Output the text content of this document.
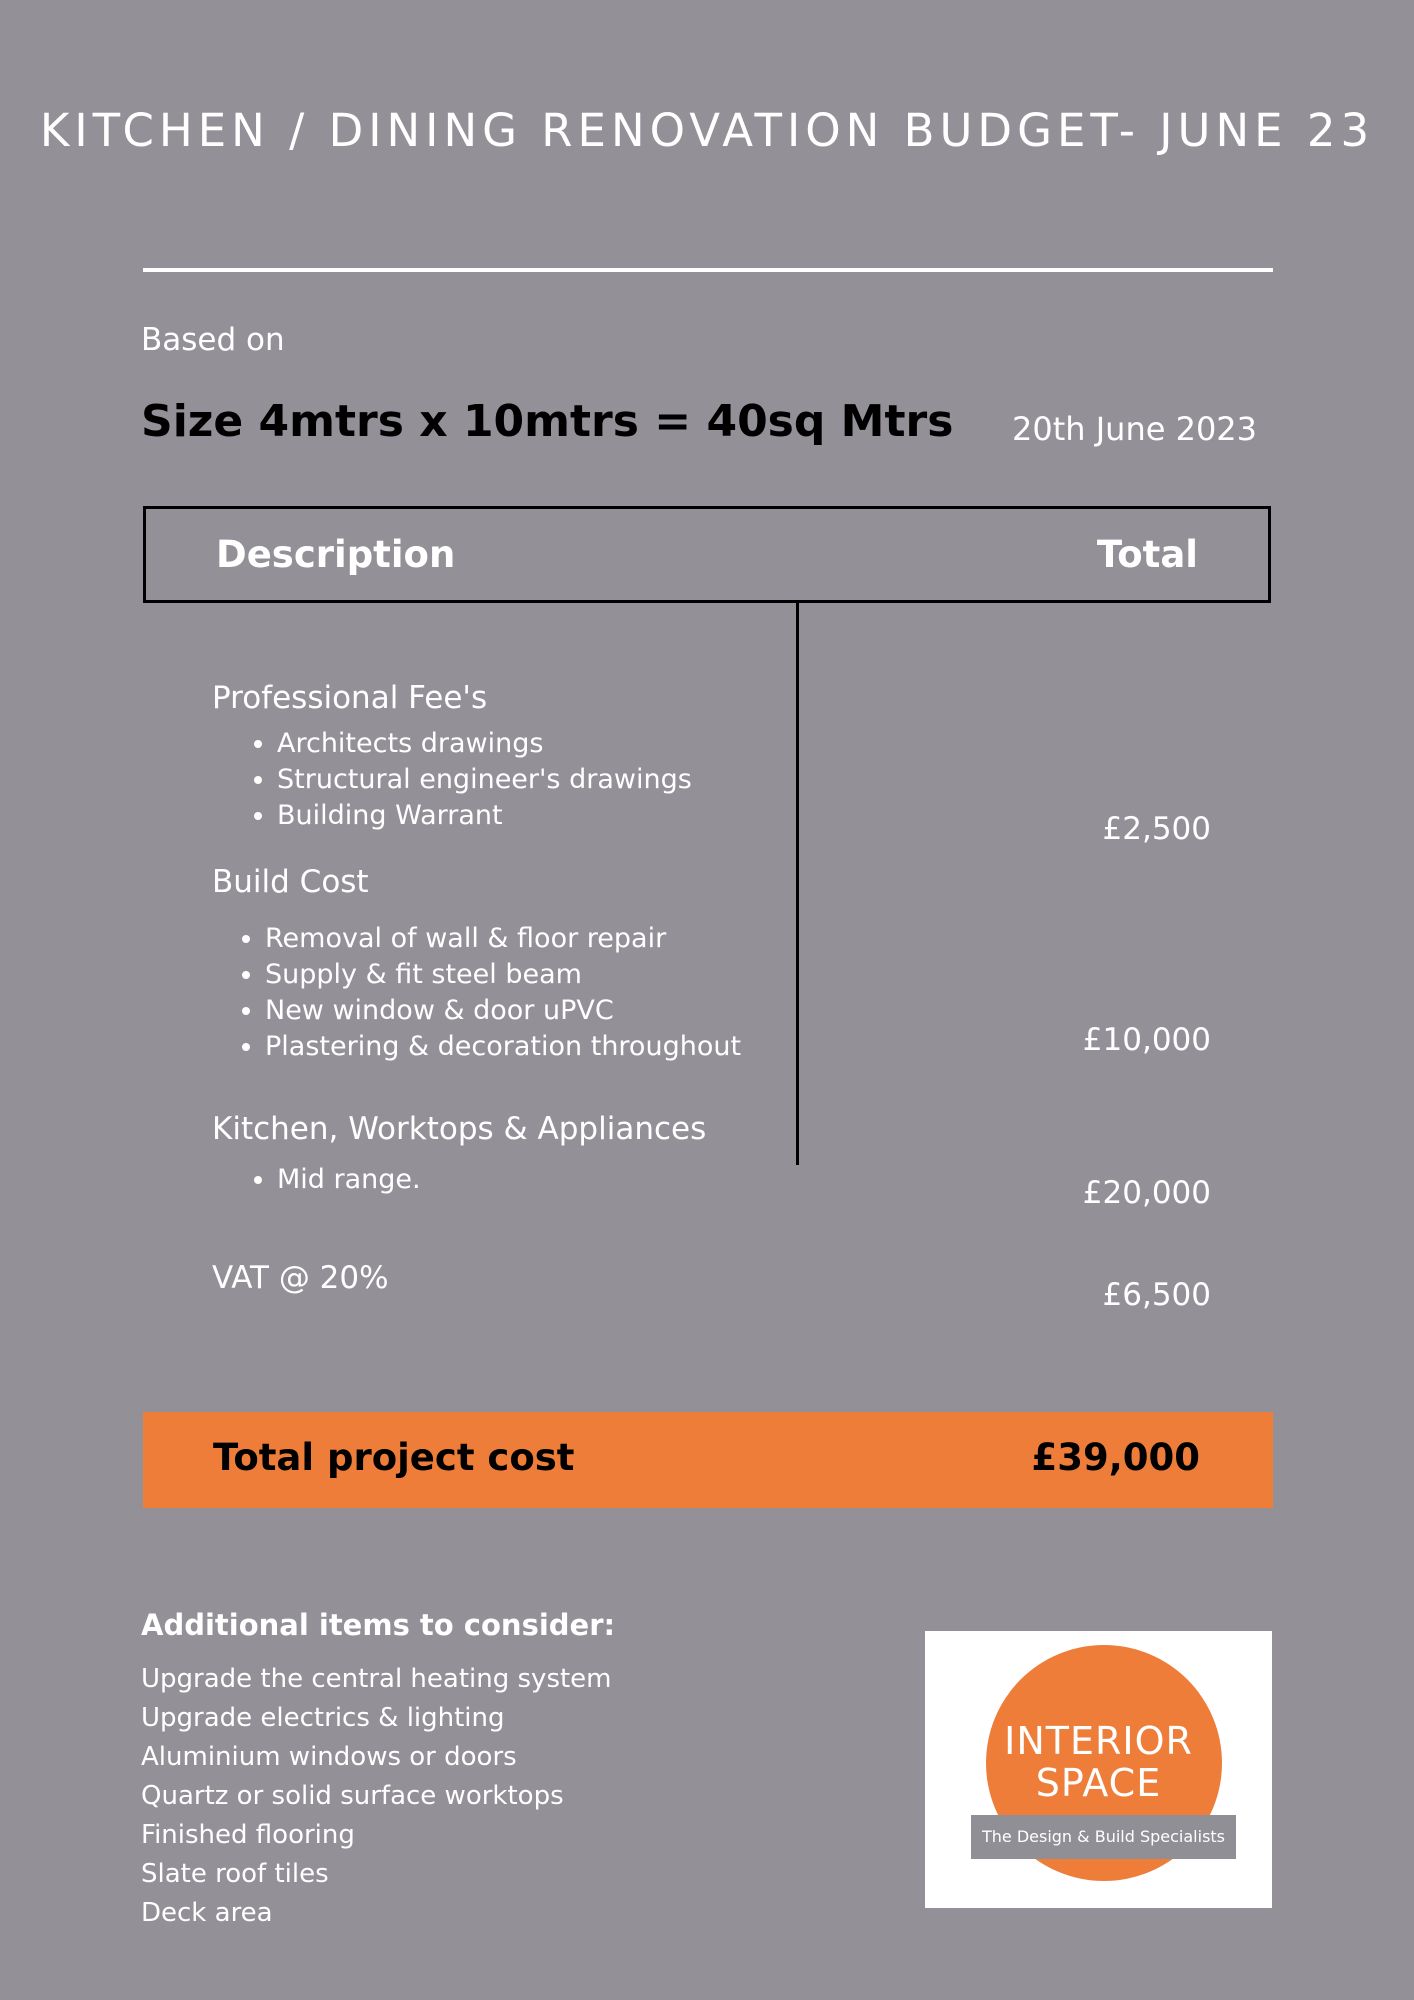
KITCHEN / DINING RENOVATION BUDGET- JUNE 23
Based on
Size 4mtrs x 10mtrs = 40sq Mtrs 20th June 2023
Description	Total
Professional Fee's
• Architects drawings
• Structural engineer's drawings
• Building Warrant	£2,500
Build Cost
• Removal of wall & floor repair
• Supply & fit steel beam
• New window & door uPVC
• Plastering & decoration throughout	£10,000
Kitchen, Worktops & Appliances
• Mid range.	£20,000
VAT @ 20%	£6,500
Total project cost	£39,000
Additional items to consider:
Upgrade the central heating system
Upgrade electrics & lighting
Aluminium windows or doors
Quartz or solid surface worktops
Finished flooring
Slate roof tiles
Deck area
INTERIOR
SPACE
The Design & Build Specialists
